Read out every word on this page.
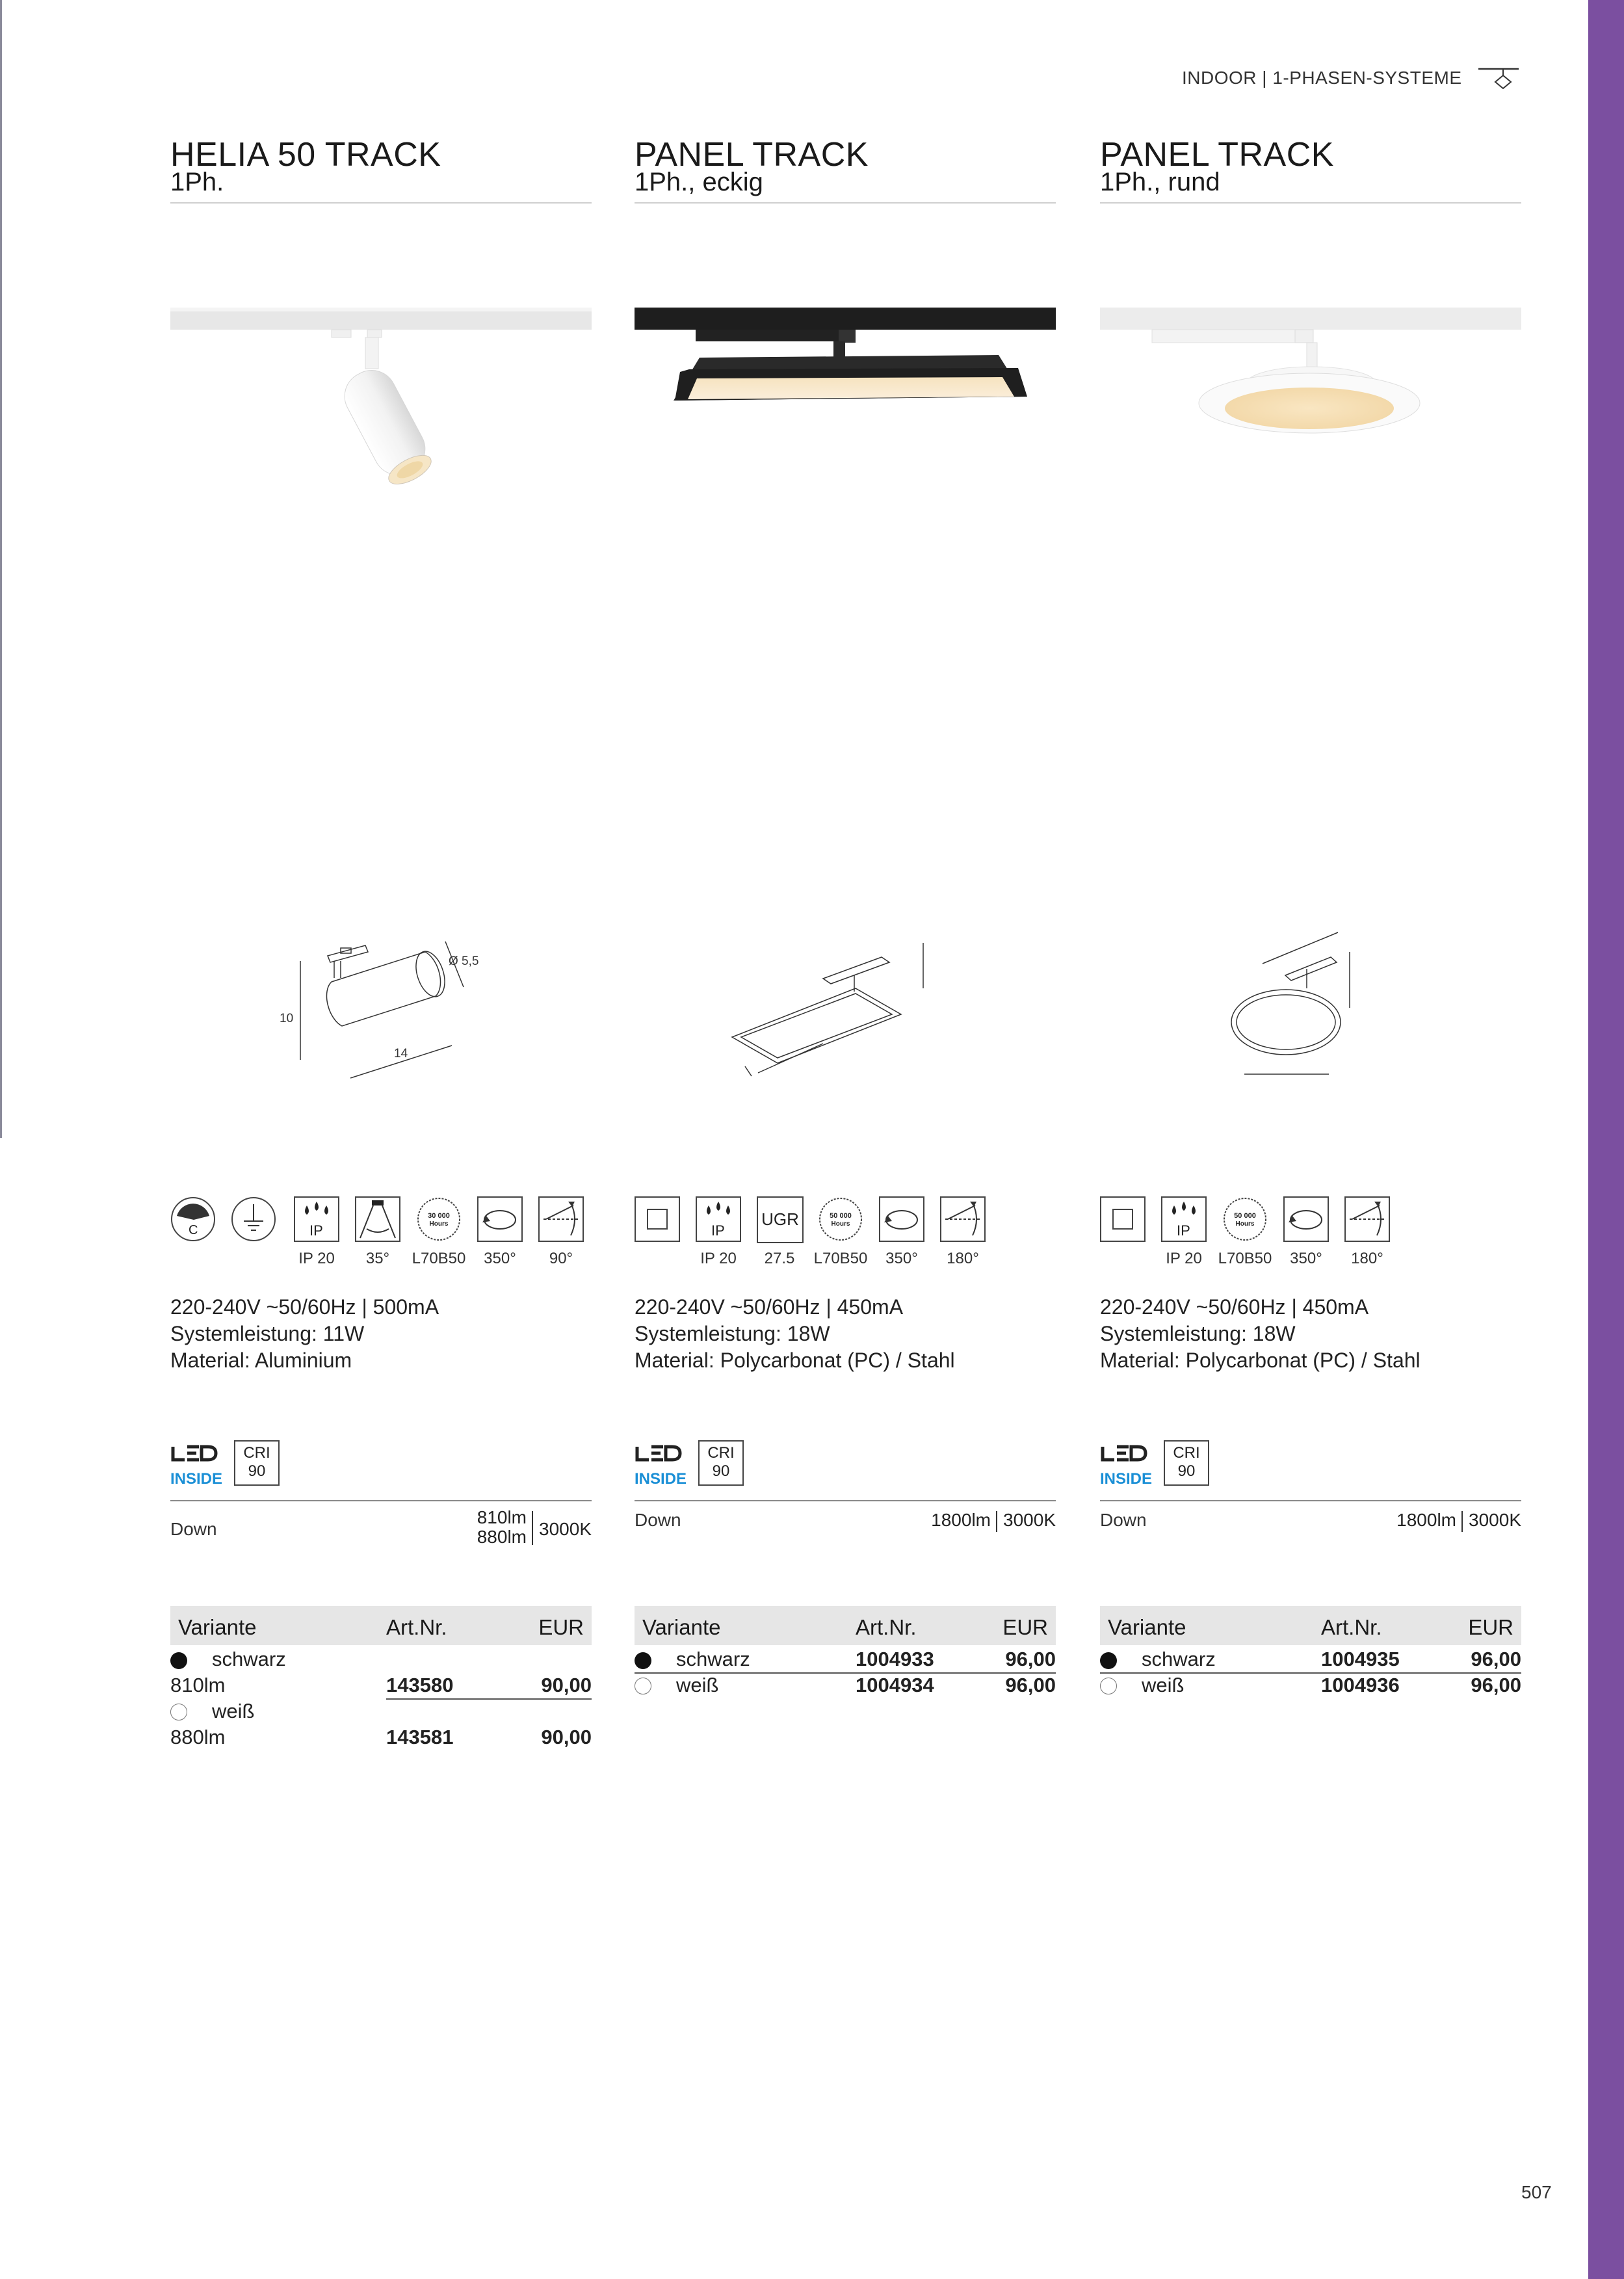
INDOOR | 1-PHASEN-SYSTEME
HELIA 50 TRACK
1Ph.
10
14
Ø 5,5
C	IP
30 000
Hours
IP 20	35°	L70B50	350°	90°
220-240V ~50/60Hz | 500mA
Systemleistung: 11W
Material: Aluminium
INSIDE
CRI
90
Down
810lm
880lm 3000K
Variante	Art.Nr.	EUR
schwarz
810lm	143580	90,00
weiß
880lm	143581	90,00
PANEL TRACK
1Ph., eckig
IP
UGR	50 000
Hours
IP 20	27.5	L70B50	350°	180°
220-240V ~50/60Hz | 450mA
Systemleistung: 18W
Material: Polycarbonat (PC) / Stahl
INSIDE
CRI
90
Down	1800lm 3000K
Variante	Art.Nr.	EUR
schwarz	1004933	96,00
weiß	1004934	96,00
PANEL TRACK
1Ph., rund
IP
50 000
Hours
IP 20	L70B50	350°	180°
220-240V ~50/60Hz | 450mA
Systemleistung: 18W
Material: Polycarbonat (PC) / Stahl
INSIDE
CRI
90
Down	1800lm 3000K
Variante	Art.Nr.	EUR
schwarz	1004935	96,00
weiß	1004936	96,00
507
